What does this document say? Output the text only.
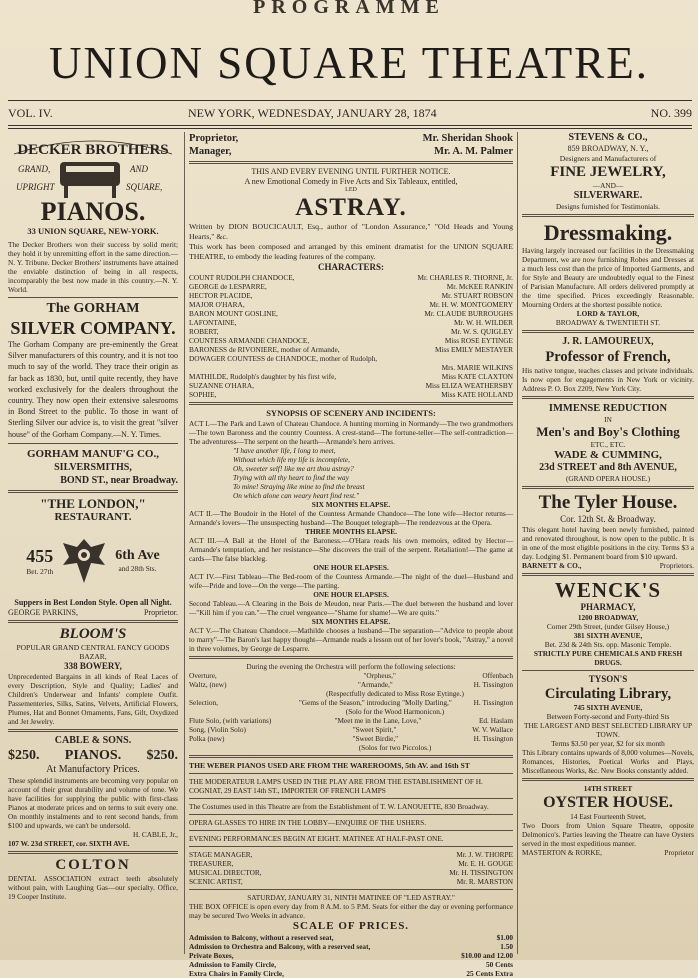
PROGRAMME
UNION SQUARE THEATRE.
VOL. IV.	NEW YORK, WEDNESDAY, JANUARY 28, 1874	NO. 399
DECKER BROTHERS
GRAND,	AND
UPRIGHT	SQUARE,
PIANOS.
33 UNION SQUARE, NEW-YORK.

The Decker Brothers won their success by solid merit; they hold it by unremitting effort in the same direction.—N. Y. Tribune. Decker Brothers' instruments have attained the enviable distinction of being in all respects, incomparably the best now made in this country.—N. Y. World.

The GORHAM
SILVER COMPANY.

The Gorham Company are pre-eminently the Great Silver manufacturers of this country, and it is not too much to say of the world. They trace their origin as far back as 1830, but, until quite recently, they have worked exclusively for the dealers throughout the country. They now open their extensive salesrooms in Bond Street to the public. To those in want of Sterling Silver our advice is, to visit the great "silver house" of the Gorham Company.—N. Y. Times.

GORHAM MANUF'G CO.,
SILVERSMITHS,
BOND ST., near Broadway.
"THE LONDON,"
RESTAURANT.
455
Bet. 27th
6th Ave
and 28th Sts.

Suppers in Best London Style. Open all Night.

GEORGE PARKINS,	Proprietor.
BLOOM'S

POPULAR GRAND CENTRAL FANCY GOODS BAZAR,

338 BOWERY,

Unprecedented Bargains in all kinds of Real Laces of every Description, Style and Quality; Ladies' and Children's Underwear and Infants' complete Outfit. Passementeries, Silks, Satins, Velvets, Artificial Flowers, Plumes, Hat and Bonnet Ornaments, Fans, Gilt, Oxydized and Jet Jewelry.

CABLE & SONS.
$250. PIANOS. $250.
At Manufactory Prices.

These splendid instruments are becoming very popular on account of their great durability and volume of tone. We have facilities for supplying the public with first-class Pianos at moderate prices and on terms to suit every one. On monthly instalments and to rent second hands, from $100 and upwards, we can't be undersold.

H. CABLE, Jr.,
107 W. 23d STREET, cor. SIXTH AVE.
COLTON

DENTAL ASSOCIATION extract teeth absolutely without pain, with Laughing Gas—our specialty. Office, 19 Cooper Institute.

Proprietor,	Mr. Sheridan Shook
Manager,	Mr. A. M. Palmer

THIS AND EVERY EVENING UNTIL FURTHER NOTICE.

A new Emotional Comedy in Five Acts and Six Tableaux, entitled,

LED

ASTRAY.

Written by DION BOUCICAULT, Esq., author of "London Assurance," "Old Heads and Young Hearts," &c.

This work has been composed and arranged by this eminent dramatist for the UNION SQUARE THEATRE, to embody the leading features of the company.

CHARACTERS:
COUNT RUDOLPH CHANDOCE,	Mr. CHARLES R. THORNE, Jr.
GEORGE de LESPARRE,	Mr. McKEE RANKIN
HECTOR PLACIDE,	Mr. STUART ROBSON
MAJOR O'HARA,	Mr. H. W. MONTGOMERY
BARON MOUNT GOSLINE,	Mr. CLAUDE BURROUGHS
LAFONTAINE,	Mr. W. H. WILDER
ROBERT,	Mr. W. S. QUIGLEY
COUNTESS ARMANDE CHANDOCE,	Miss ROSE EYTINGE
BARONESS de RIVONIERE, mother of Armande,	Miss EMILY MESTAYER
DOWAGER COUNTESS de CHANDOCE, mother of Rudolph,
Mrs. MARIE WILKINS
MATHILDE, Rudolph's daughter by his first wife,	Miss KATE CLAXTON
SUZANNE O'HARA,	Miss ELIZA WEATHERSBY
SOPHIE,	Miss KATE HOLLAND
SYNOPSIS OF SCENERY AND INCIDENTS:

ACT I.—The Park and Lawn of Chateau Chandoce. A hunting morning in Normandy—The two grandmothers—The town Baroness and the country Countess. A crest-stand—The fortune-teller—The self-contradiction—The adventuress—The serpent on the hearth—Armande's hero arrives.

"I have another life, I long to meet,
Without which life my life is incomplete,
Oh, sweeter self! like me art thou astray?
Trying with all thy heart to find the way
To mine! Straying like mine to find the breast
On which alone can weary heart find rest."

SIX MONTHS ELAPSE.

ACT II.—The Boudoir in the Hotel of the Countess Armande Chandoce—The lone wife—Hector returns—Armande's lovers—The unsuspecting husband—The Bouquet telegraph—The rendezvous at the Opera.

THREE MONTHS ELAPSE.

ACT III.—A Ball at the Hotel of the Baroness.—O'Hara reads his own memoirs, edited by Hector—Armande's temptation, and her resistance—She discovers the trail of the serpent. Retaliation!—The game at cards—The false blackleg.

ONE HOUR ELAPSES.

ACT IV.—First Tableau—The Bed-room of the Countess Armande.—The night of the duel—Husband and wife—Pride and love—On the verge—The parting.

ONE HOUR ELAPSES.

Second Tableau.—A Clearing in the Bois de Meudon, near Paris.—The duel between the husband and lover—"Kill him if you can."—The cruel vengeance—"Shame for shame!—We are quits."

SIX MONTHS ELAPSE.

ACT V.—The Chateau Chandoce.—Mathilde chooses a husband—The separation—"Advice to people about to marry"—The Baron's last happy thought—Armande reads a lesson out of her lover's book, "Astray," a novel in three volumes, by George de Lesparre.

During the evening the Orchestra will perform the following selections:

Overture,	"Orpheus,"	Offenbach
Waltz, (new)	"Armande,"	H. Tissington
(Respectfully dedicated to Miss Rose Eytinge.)
Selection,	"Gems of the Season," introducing "Molly Darling,"	H. Tissington
(Solo for the Wood Harmonicon.)
Flute Solo, (with variations)	"Meet me in the Lane, Love,"	Ed. Haslam
Song, (Violin Solo)	"Sweet Spirit,"	W. V. Wallace
Polka (new)	"Sweet Birdie,"	H. Tissington
(Solos for two Piccolos.)

THE WEBER PIANOS USED ARE FROM THE WAREROOMS, 5th AV. and 16th ST

THE MODERATEUR LAMPS USED IN THE PLAY ARE FROM THE ESTABLISHMENT OF H. COGNIAT, 29 EAST 14th ST., IMPORTER OF FRENCH LAMPS

The Costumes used in this Theatre are from the Establishment of T. W. LANOUETTE, 830 Broadway.

OPERA GLASSES TO HIRE IN THE LOBBY—ENQUIRE OF THE USHERS.

EVENING PERFORMANCES BEGIN AT EIGHT. MATINEE AT HALF-PAST ONE.

STAGE MANAGER,	Mr. J. W. THORPE
TREASURER,	Mr. E. H. GOUGE
MUSICAL DIRECTOR,	Mr. H. TISSINGTON
SCENIC ARTIST,	Mr. R. MARSTON

SATURDAY, JANUARY 31, NINTH MATINEE OF "LED ASTRAY."

THE BOX OFFICE is open every day from 8 A.M. to 5 P.M. Seats for either the day or evening performance may be secured Two Weeks in advance.

SCALE OF PRICES.
Admission to Balcony, without a reserved seat,	$1.00
Admission to Orchestra and Balcony, with a reserved seat,	1.50
Private Boxes,	$10.00 and 12.00
Admission to Family Circle,	50 Cents
Extra Chairs in Family Circle,	25 Cents Extra
STEVENS & CO.,
859 BROADWAY, N. Y.,
Designers and Manufacturers of
FINE JEWELRY,
—AND—
SILVERWARE.
Designs furnished for Testimonials.
Dressmaking.

Having largely increased our facilities in the Dressmaking Department, we are now furnishing Robes and Dresses at a much less cost than the price of Imported Garments, and for Style and Beauty are undoubtedly equal to the Finest of Parisian Manufacture. All orders delivered promptly at the time specified. Prices exceedingly Reasonable. Mourning Orders at the shortest possible notice.

LORD & TAYLOR,
BROADWAY & TWENTIETH ST.
J. R. LAMOUREUX,
Professor of French,

His native tongue, teaches classes and private individuals. Is now open for engagements in New York or vicinity. Address P. O. Box 2209, New York City.

IMMENSE REDUCTION
IN
Men's and Boy's Clothing
ETC., ETC.
WADE & CUMMING,
23d STREET and 8th AVENUE,
(GRAND OPERA HOUSE.)
The Tyler House.
Cor. 12th St. & Broadway.

This elegant hotel having been newly furnished, painted and renovated throughout, is now open to the public. It is in one of the most eligible positions in the city. Terms $3 a day. Lodging $1. Permanent board from $10 upward.

BARNETT & CO.,	Proprietors.
WENCK'S
PHARMACY,
1200 BROADWAY,
Corner 29th Street, (under Gilsey House,)
381 SIXTH AVENUE,
Bet. 23d & 24th Sts. opp. Masonic Temple.
STRICTLY PURE CHEMICALS AND FRESH DRUGS.
TYSON'S
Circulating Library,
745 SIXTH AVENUE,
Between Forty-second and Forty-third Sts
THE LARGEST AND BEST SELECTED LIBRARY UP TOWN.
Terms $3.50 per year, $2 for six month

This Library contains upwards of 8,000 volumes—Novels, Romances, Histories, Poetical Works and Plays, Miscellaneous Works, &c. New Books constantly added.

14TH STREET
OYSTER HOUSE.
14 East Fourteenth Street,

Two Doors from Union Square Theatre, opposite Delmonico's. Parties leaving the Theatre can have Oysters served in the most expeditious manner.

MASTERTON & RORKE,	Proprietor
